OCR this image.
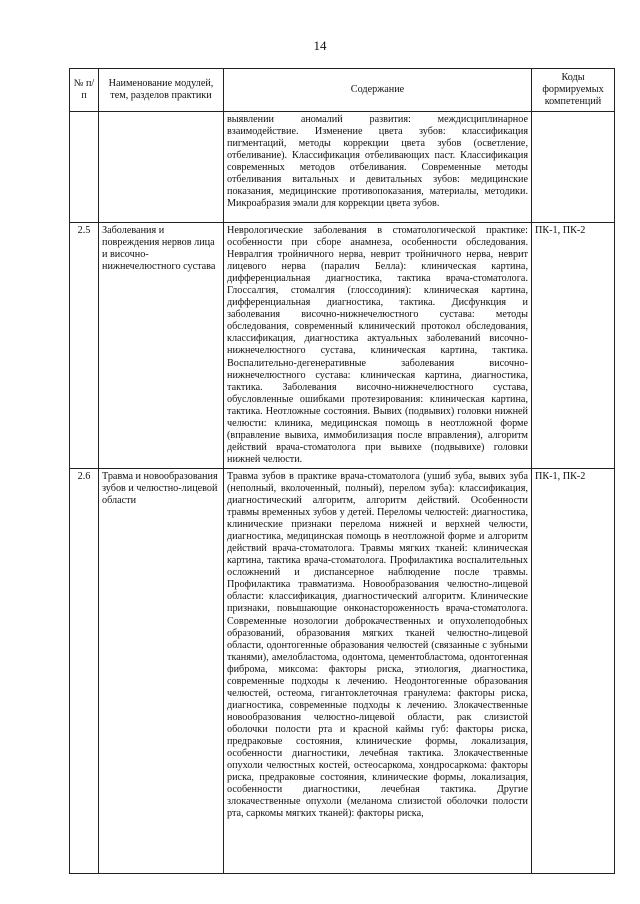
14
№ п/п	Наименование модулей, тем, разделов практики	Содержание	Коды формируемых компетенций
		выявлении аномалий развития: междисциплинарное взаимодействие. Изменение цвета зубов: классификация пигментаций, методы коррекции цвета зубов (осветление, отбеливание). Классификация отбеливающих паст. Классификация современных методов отбеливания. Современные методы отбеливания витальных и девитальных зубов: медицинские показания, медицинские противопоказания, материалы, методики. Микроабразия эмали для коррекции цвета зубов.	
2.5	Заболевания и повреждения нервов лица и височно-нижнечелюстного сустава	Неврологические заболевания в стоматологической практике: особенности при сборе анамнеза, особенности обследования. Невралгия тройничного нерва, неврит тройничного нерва, неврит лицевого нерва (паралич Белла): клиническая картина, дифференциальная диагностика, тактика врача-стоматолога. Глоссалгия, стомалгия (глоссодиния): клиническая картина, дифференциальная диагностика, тактика. Дисфункция и заболевания височно-нижнечелюстного сустава: методы обследования, современный клинический протокол обследования, классификация, диагностика актуальных заболеваний височно-нижнечелюстного сустава, клиническая картина, тактика. Воспалительно-дегенеративные заболевания височно-нижнечелюстного сустава: клиническая картина, диагностика, тактика. Заболевания височно-нижнечелюстного сустава, обусловленные ошибками протезирования: клиническая картина, тактика. Неотложные состояния. Вывих (подвывих) головки нижней челюсти: клиника, медицинская помощь в неотложной форме (вправление вывиха, иммобилизация после вправления), алгоритм действий врача-стоматолога при вывихе (подвывихе) головки нижней челюсти.	ПК-1, ПК-2
2.6	Травма и новообразования зубов и челюстно-лицевой области	Травма зубов в практике врача-стоматолога (ушиб зуба, вывих зуба (неполный, вколоченный, полный), перелом зуба): классификация, диагностический алгоритм, алгоритм действий. Особенности травмы временных зубов у детей. Переломы челюстей: диагностика, клинические признаки перелома нижней и верхней челюсти, диагностика, медицинская помощь в неотложной форме и алгоритм действий врача-стоматолога. Травмы мягких тканей: клиническая картина, тактика врача-стоматолога. Профилактика воспалительных осложнений и диспансерное наблюдение после травмы. Профилактика травматизма. Новообразования челюстно-лицевой области: классификация, диагностический алгоритм. Клинические признаки, повышающие онконастороженность врача-стоматолога. Современные нозологии доброкачественных и опухолеподобных образований, образования мягких тканей челюстно-лицевой области, одонтогенные образования челюстей (связанные с зубными тканями), амелобластома, одонтома, цементобластома, одонтогенная фиброма, миксома: факторы риска, этиология, диагностика, современные подходы к лечению. Неодонтогенные образования челюстей, остеома, гигантоклеточная гранулема: факторы риска, диагностика, современные подходы к лечению. Злокачественные новообразования челюстно-лицевой области, рак слизистой оболочки полости рта и красной каймы губ: факторы риска, предраковые состояния, клинические формы, локализация, особенности диагностики, лечебная тактика. Злокачественные опухоли челюстных костей, остеосаркома, хондросаркома: факторы риска, предраковые состояния, клинические формы, локализация, особенности диагностики, лечебная тактика. Другие злокачественные опухоли (меланома слизистой оболочки полости рта, саркомы мягких тканей): факторы риска,	ПК-1, ПК-2
